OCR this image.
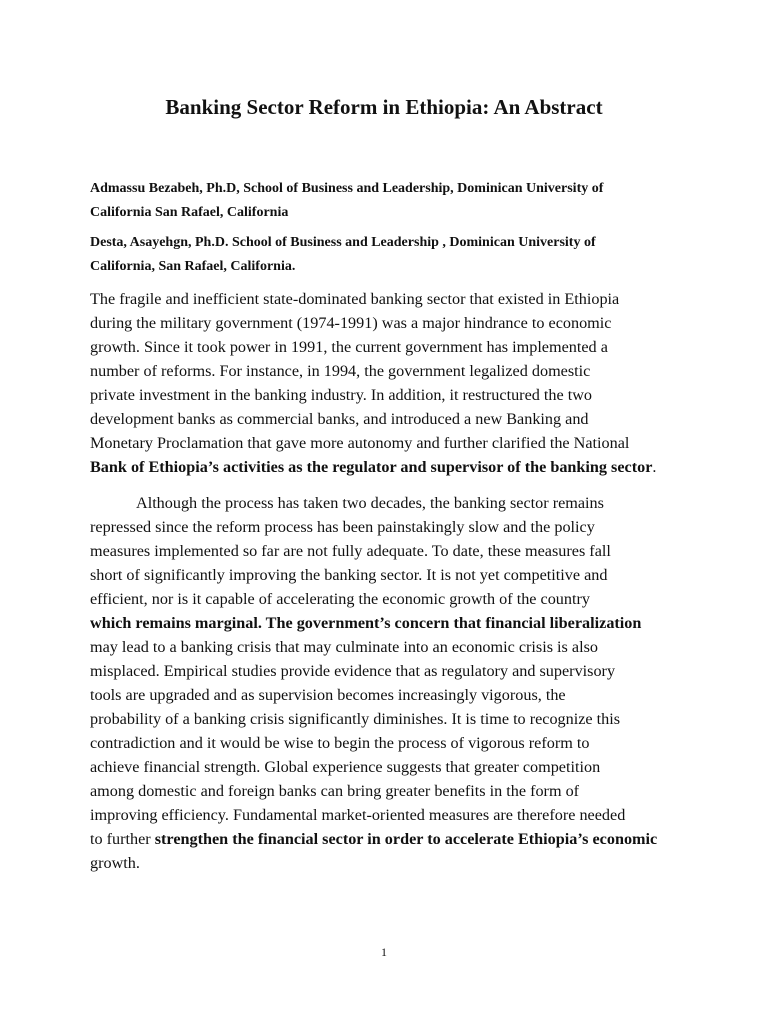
Banking Sector Reform in Ethiopia: An Abstract

Admassu Bezabeh, Ph.D, School of Business and Leadership, Dominican University of
California San Rafael, California

Desta, Asayehgn, Ph.D. School of Business and Leadership , Dominican University of
California, San Rafael, California.

The fragile and inefficient state-dominated banking sector that existed in Ethiopia
during the military government (1974-1991) was a major hindrance to economic
growth. Since it took power in 1991, the current government has implemented a
number of reforms. For instance, in 1994, the government legalized domestic
private investment in the banking industry. In addition, it restructured the two
development banks as commercial banks, and introduced a new Banking and
Monetary Proclamation that gave more autonomy and further clarified the National
Bank of Ethiopia’s activities as the regulator and supervisor of the banking sector.

Although the process has taken two decades, the banking sector remains
repressed since the reform process has been painstakingly slow and the policy
measures implemented so far are not fully adequate. To date, these measures fall
short of significantly improving the banking sector. It is not yet competitive and
efficient, nor is it capable of accelerating the economic growth of the country
which remains marginal. The government’s concern that financial liberalization
may lead to a banking crisis that may culminate into an economic crisis is also
misplaced. Empirical studies provide evidence that as regulatory and supervisory
tools are upgraded and as supervision becomes increasingly vigorous, the
probability of a banking crisis significantly diminishes. It is time to recognize this
contradiction and it would be wise to begin the process of vigorous reform to
achieve financial strength. Global experience suggests that greater competition
among domestic and foreign banks can bring greater benefits in the form of
improving efficiency. Fundamental market-oriented measures are therefore needed
to further strengthen the financial sector in order to accelerate Ethiopia’s economic
growth.

1
